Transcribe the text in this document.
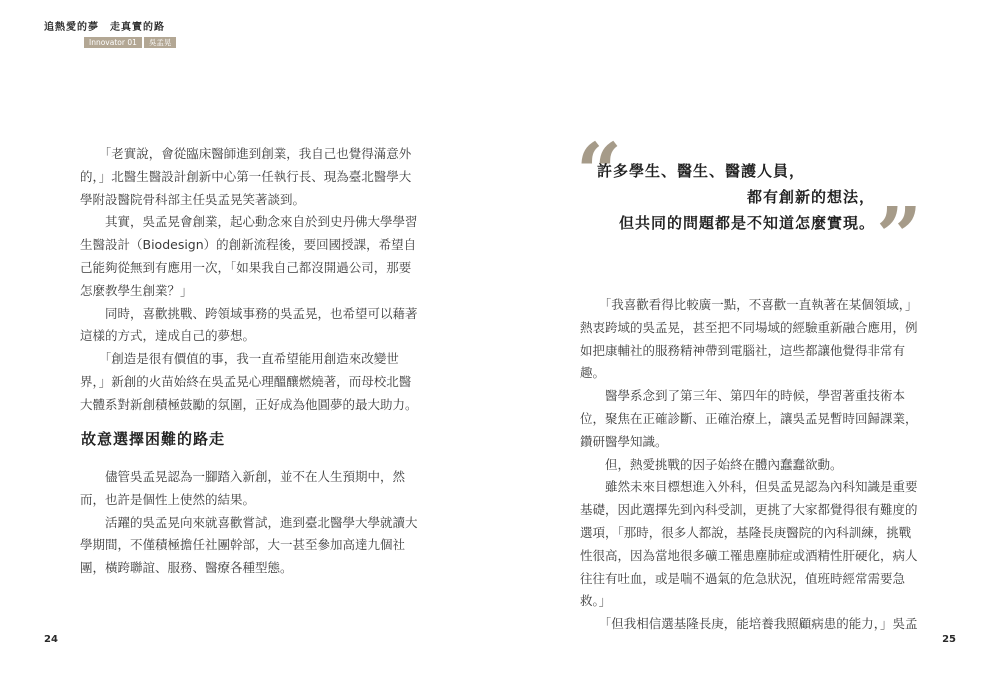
追熱愛的夢　走真實的路
Innovator 01	吳孟晃

「老實說，會從臨床醫師進到創業，我自己也覺得滿意外的，」北醫生醫設計創新中心第一任執行長、現為臺北醫學大學附設醫院骨科部主任吳孟晃笑著談到。

其實，吳孟晃會創業，起心動念來自於到史丹佛大學學習生醫設計（Biodesign）的創新流程後，要回國授課，希望自己能夠從無到有應用一次，「如果我自己都沒開過公司，那要怎麼教學生創業？」

同時，喜歡挑戰、跨領域事務的吳孟晃，也希望可以藉著這樣的方式，達成自己的夢想。

「創造是很有價值的事，我一直希望能用創造來改變世界，」新創的火苗始終在吳孟晃心理醞釀燃燒著，而母校北醫大體系對新創積極鼓勵的氛圍，正好成為他圓夢的最大助力。

故意選擇困難的路走

儘管吳孟晃認為一腳踏入新創，並不在人生預期中，然而，也許是個性上使然的結果。

活躍的吳孟晃向來就喜歡嘗試，進到臺北醫學大學就讀大學期間，不僅積極擔任社團幹部，大一甚至參加高達九個社團，橫跨聯誼、服務、醫療各種型態。

24
“
許多學生、醫生、醫護人員，
都有創新的想法，
但共同的問題都是不知道怎麼實現。 ”

「我喜歡看得比較廣一點，不喜歡一直執著在某個領域，」熱衷跨域的吳孟晃，甚至把不同場域的經驗重新融合應用，例如把康輔社的服務精神帶到電腦社，這些都讓他覺得非常有趣。

醫學系念到了第三年、第四年的時候，學習著重技術本位，聚焦在正確診斷、正確治療上，讓吳孟晃暫時回歸課業，鑽研醫學知識。

但，熱愛挑戰的因子始終在體內蠢蠢欲動。

雖然未來目標想進入外科，但吳孟晃認為內科知識是重要基礎，因此選擇先到內科受訓，更挑了大家都覺得很有難度的選項，「那時，很多人都說，基隆長庚醫院的內科訓練，挑戰性很高，因為當地很多礦工罹患塵肺症或酒精性肝硬化，病人往往有吐血，或是喘不過氣的危急狀況，值班時經常需要急救。」

「但我相信選基隆長庚，能培養我照顧病患的能力，」吳孟

25
